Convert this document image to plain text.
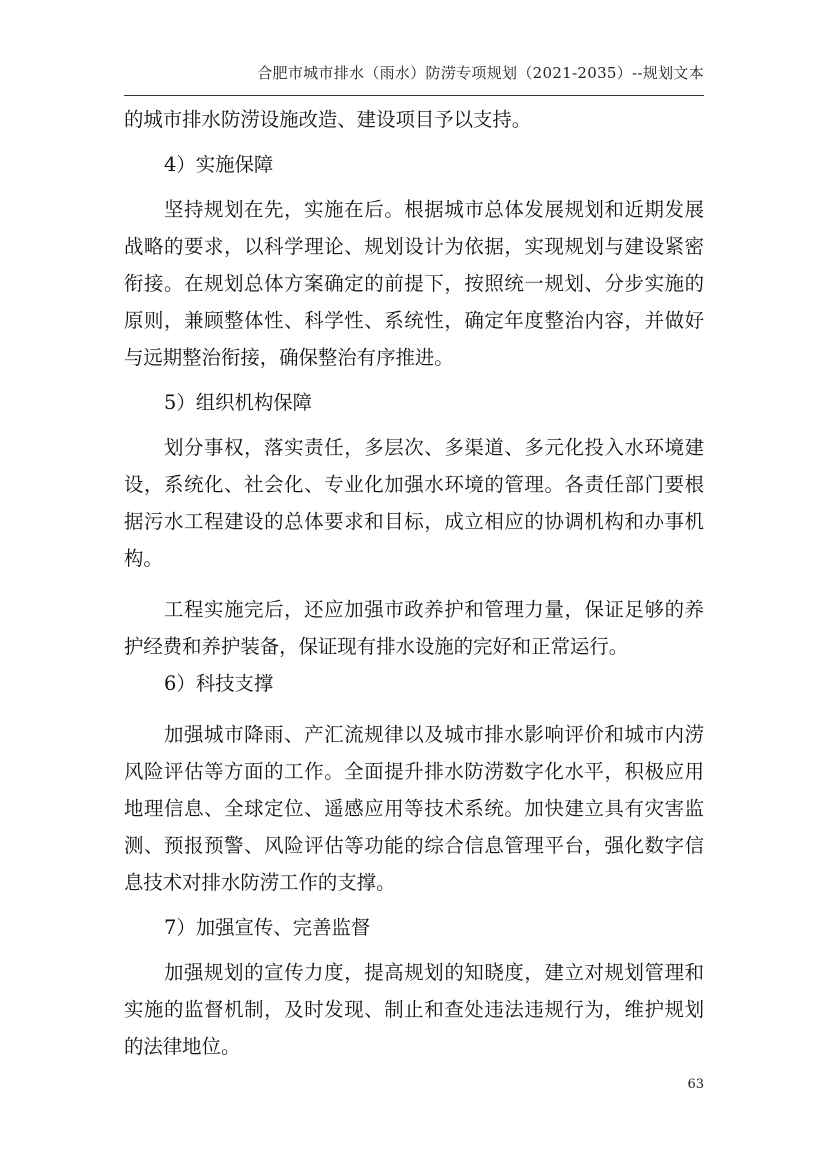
合肥市城市排水（雨水）防涝专项规划（2021-2035）--规划文本

的城市排水防涝设施改造、建设项目予以支持。

4）实施保障

坚持规划在先，实施在后。根据城市总体发展规划和近期发展战略的要求，以科学理论、规划设计为依据，实现规划与建设紧密衔接。在规划总体方案确定的前提下，按照统一规划、分步实施的原则，兼顾整体性、科学性、系统性，确定年度整治内容，并做好与远期整治衔接，确保整治有序推进。

5）组织机构保障

划分事权，落实责任，多层次、多渠道、多元化投入水环境建设，系统化、社会化、专业化加强水环境的管理。各责任部门要根据污水工程建设的总体要求和目标，成立相应的协调机构和办事机构。

工程实施完后，还应加强市政养护和管理力量，保证足够的养护经费和养护装备，保证现有排水设施的完好和正常运行。

6）科技支撑

加强城市降雨、产汇流规律以及城市排水影响评价和城市内涝风险评估等方面的工作。全面提升排水防涝数字化水平，积极应用地理信息、全球定位、遥感应用等技术系统。加快建立具有灾害监测、预报预警、风险评估等功能的综合信息管理平台，强化数字信息技术对排水防涝工作的支撑。

7）加强宣传、完善监督

加强规划的宣传力度，提高规划的知晓度，建立对规划管理和实施的监督机制，及时发现、制止和查处违法违规行为，维护规划的法律地位。

63
